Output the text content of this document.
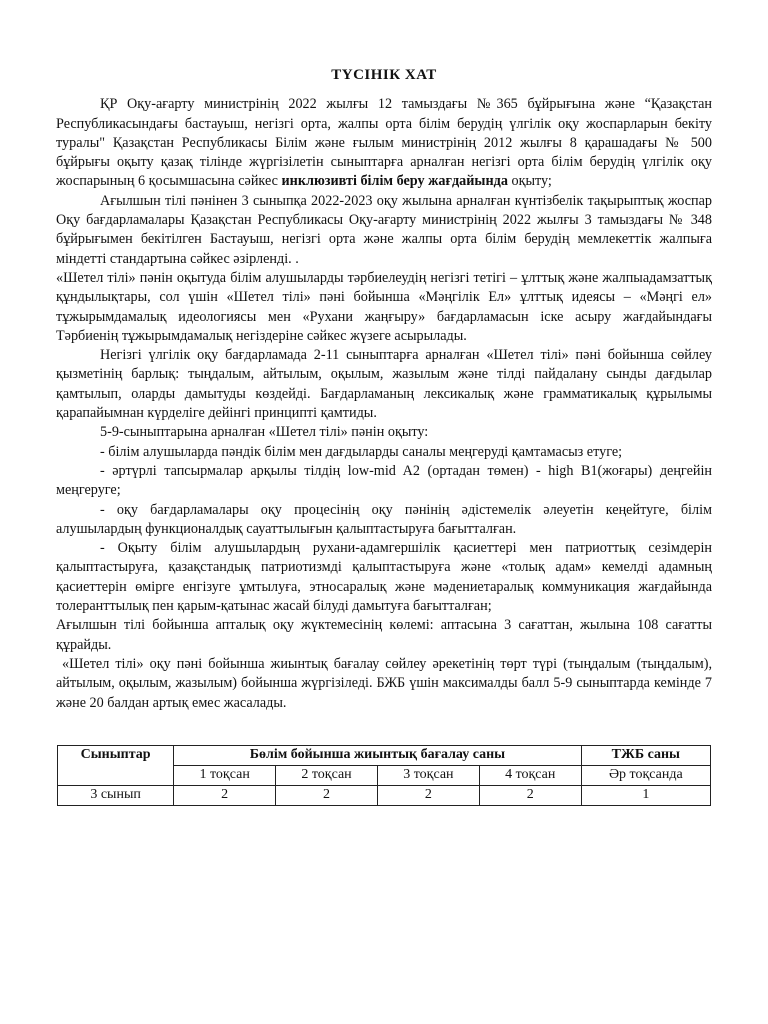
ТҮСІНІК ХАТ

ҚР Оқу-ағарту министрінің 2022 жылғы 12 тамыздағы №365 бұйрығына және “Қазақстан Республикасындағы бастауыш, негізгі орта, жалпы орта білім берудің үлгілік оқу жоспарларын бекіту туралы" Қазақстан Республикасы Білім және ғылым министрінің 2012 жылғы 8 қарашадағы № 500 бұйрығы оқыту қазақ тілінде жүргізілетін сыныптарға арналған негізгі орта білім берудің үлгілік оқу жоспарының 6 қосымшасына сәйкес инклюзивті білім беру жағдайында оқыту;

Ағылшын тілі пәнінен 3 сыныпқа 2022-2023 оқу жылына арналған күнтізбелік тақырыптық жоспар Оқу бағдарламалары Қазақстан Республикасы Оқу-ағарту министрінің 2022 жылғы 3 тамыздағы № 348 бұйрығымен бекітілген Бастауыш, негізгі орта және жалпы орта білім берудің мемлекеттік жалпыға міндетті стандартына сәйкес әзірленді. .

«Шетел тілі» пәнін оқытуда білім алушыларды тәрбиелеудің негізгі тетігі – ұлттық және жалпыадамзаттық құндылықтары, сол үшін «Шетел тілі» пәні бойынша «Мәңгілік Ел» ұлттық идеясы – «Мәңгі ел» тұжырымдамалық идеологиясы мен «Рухани жаңғыру» бағдарламасын іске асыру жағдайындағы Тәрбиенің тұжырымдамалық негіздеріне сәйкес жүзеге асырылады.

Негізгі үлгілік оқу бағдарламада 2-11 сыныптарға арналған «Шетел тілі» пәні бойынша сөйлеу қызметінің барлық: тыңдалым, айтылым, оқылым, жазылым және тілді пайдалану сынды дағдылар қамтылып, оларды дамытуды көздейді. Бағдарламаның лексикалық және грамматикалық құрылымы қарапайымнан күрделіге дейінгі принципті қамтиды.

5-9-сыныптарына арналған «Шетел тілі» пәнін оқыту:

- білім алушыларда пәндік білім мен дағдыларды саналы меңгеруді қамтамасыз етуге;

- әртүрлі тапсырмалар арқылы тілдің low-mid A2 (ортадан төмен) - high B1(жоғары) деңгейін меңгеруге;

- оқу бағдарламалары оқу процесінің оқу пәнінің әдістемелік әлеуетін кеңейтуге, білім алушылардың функционалдық сауаттылығын қалыптастыруға бағытталған.

- Оқыту білім алушылардың рухани-адамгершілік қасиеттері мен патриоттық сезімдерін қалыптастыруға, қазақстандық патриотизмді қалыптастыруға және «толық адам» кемелді адамның қасиеттерін өмірге енгізуге ұмтылуға, этносаралық және мәдениетаралық коммуникация жағдайында толеранттылық пен қарым-қатынас жасай білуді дамытуға бағытталған;

Ағылшын тілі бойынша апталық оқу жүктемесінің көлемі: аптасына 3 сағаттан, жылына 108 сағатты құрайды.

«Шетел тілі» оқу пәні бойынша жиынтық бағалау сөйлеу әрекетінің төрт түрі (тыңдалым (тыңдалым), айтылым, оқылым, жазылым) бойынша жүргізіледі. БЖБ үшін максималды балл 5-9 сыныптарда кемінде 7 және 20 балдан артық емес жасалады.

Сыныптар	Бөлім бойынша жиынтық бағалау саны				ТЖБ саны
	1 тоқсан	2 тоқсан	3 тоқсан	4 тоқсан	Әр тоқсанда
3 сынып	2	2	2	2	1
